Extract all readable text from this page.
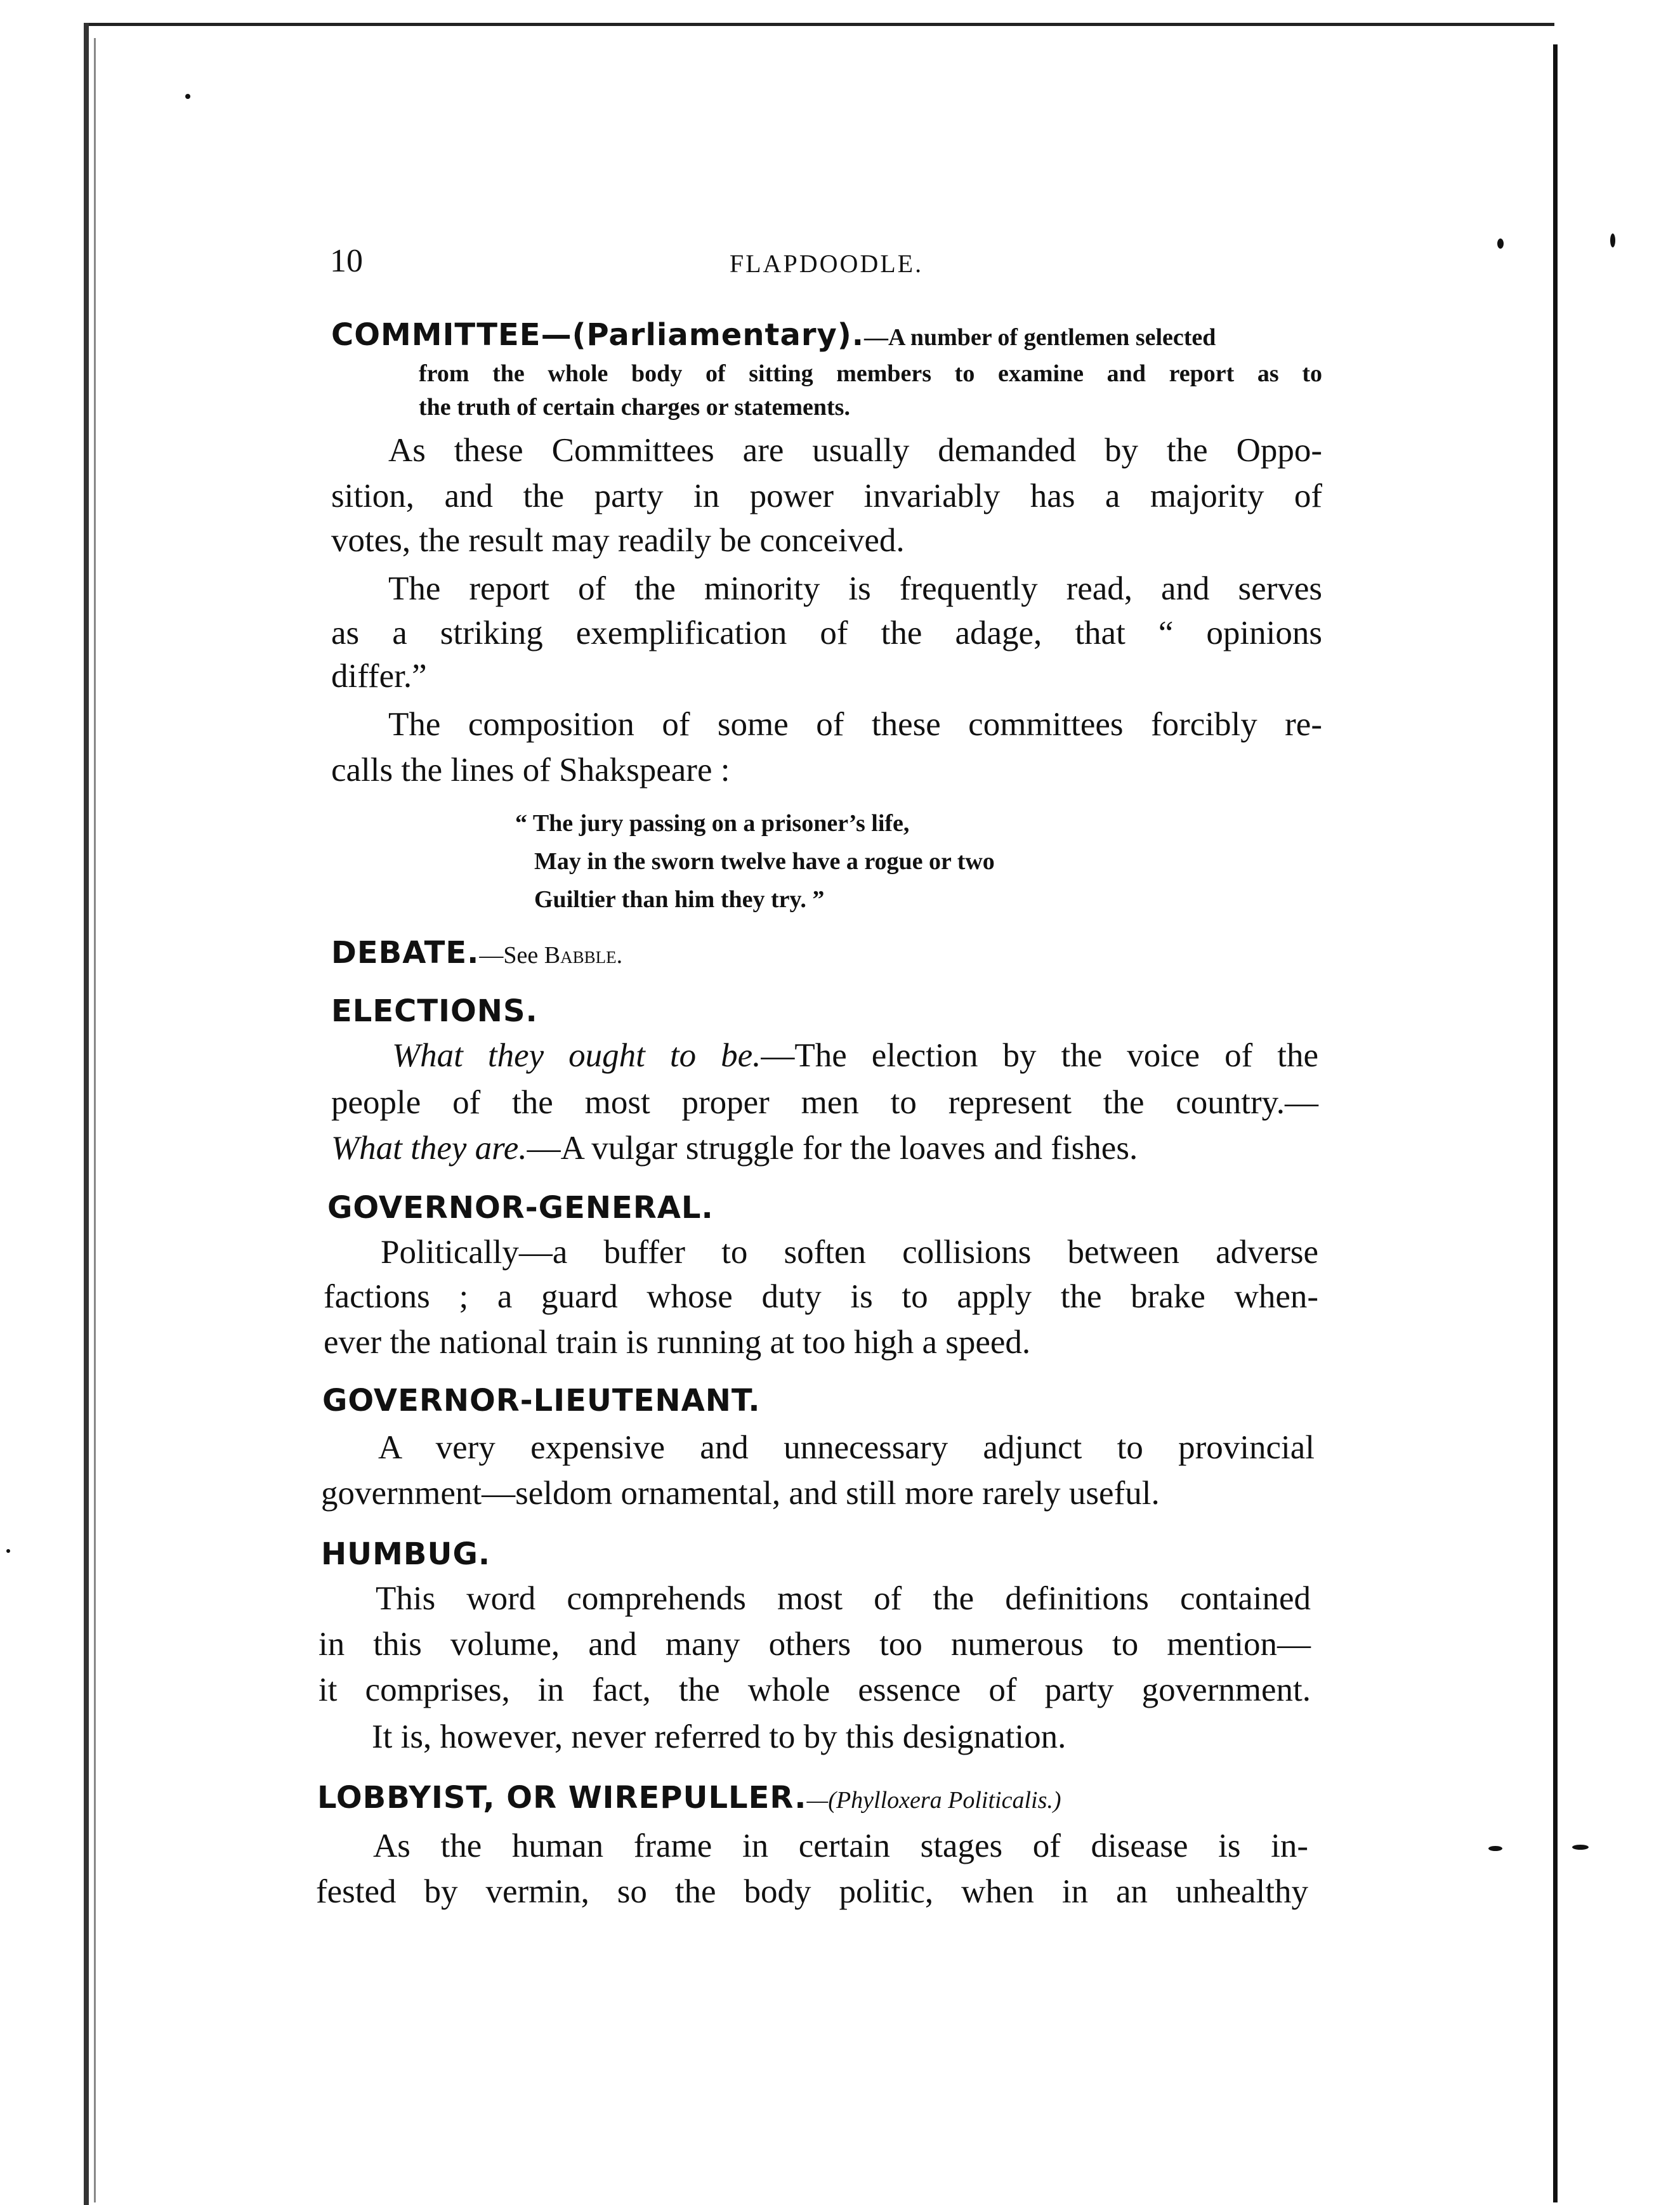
10	FLAPDOODLE.
COMMITTEE—(Parliamentary).—A number of gentlemen selected
from the whole body of sitting members to examine and report as to
the truth of certain charges or statements.
As these Committees are usually demanded by the Oppo-
sition, and the party in power invariably has a majority of
votes, the result may readily be conceived.
The report of the minority is frequently read, and serves
as a striking exemplification of the adage, that “ opinions
differ.”
The composition of some of these committees forcibly re-
calls the lines of Shakspeare :
“ The jury passing on a prisoner’s life,
May in the sworn twelve have a rogue or two
Guiltier than him they try. ”
DEBATE.—See Babble.
ELECTIONS.
What they ought to be.—The election by the voice of the
people of the most proper men to represent the country.—
What they are.—A vulgar struggle for the loaves and fishes.
GOVERNOR-GENERAL.
Politically—a buffer to soften collisions between adverse
factions ; a guard whose duty is to apply the brake when-
ever the national train is running at too high a speed.
GOVERNOR-LIEUTENANT.
A very expensive and unnecessary adjunct to provincial
government—seldom ornamental, and still more rarely useful.
HUMBUG.
This word comprehends most of the definitions contained
in this volume, and many others too numerous to mention—
it comprises, in fact, the whole essence of party government.
It is, however, never referred to by this designation.
LOBBYIST, OR WIREPULLER.—(Phylloxera Politicalis.)
As the human frame in certain stages of disease is in-
fested by vermin, so the body politic, when in an unhealthy
